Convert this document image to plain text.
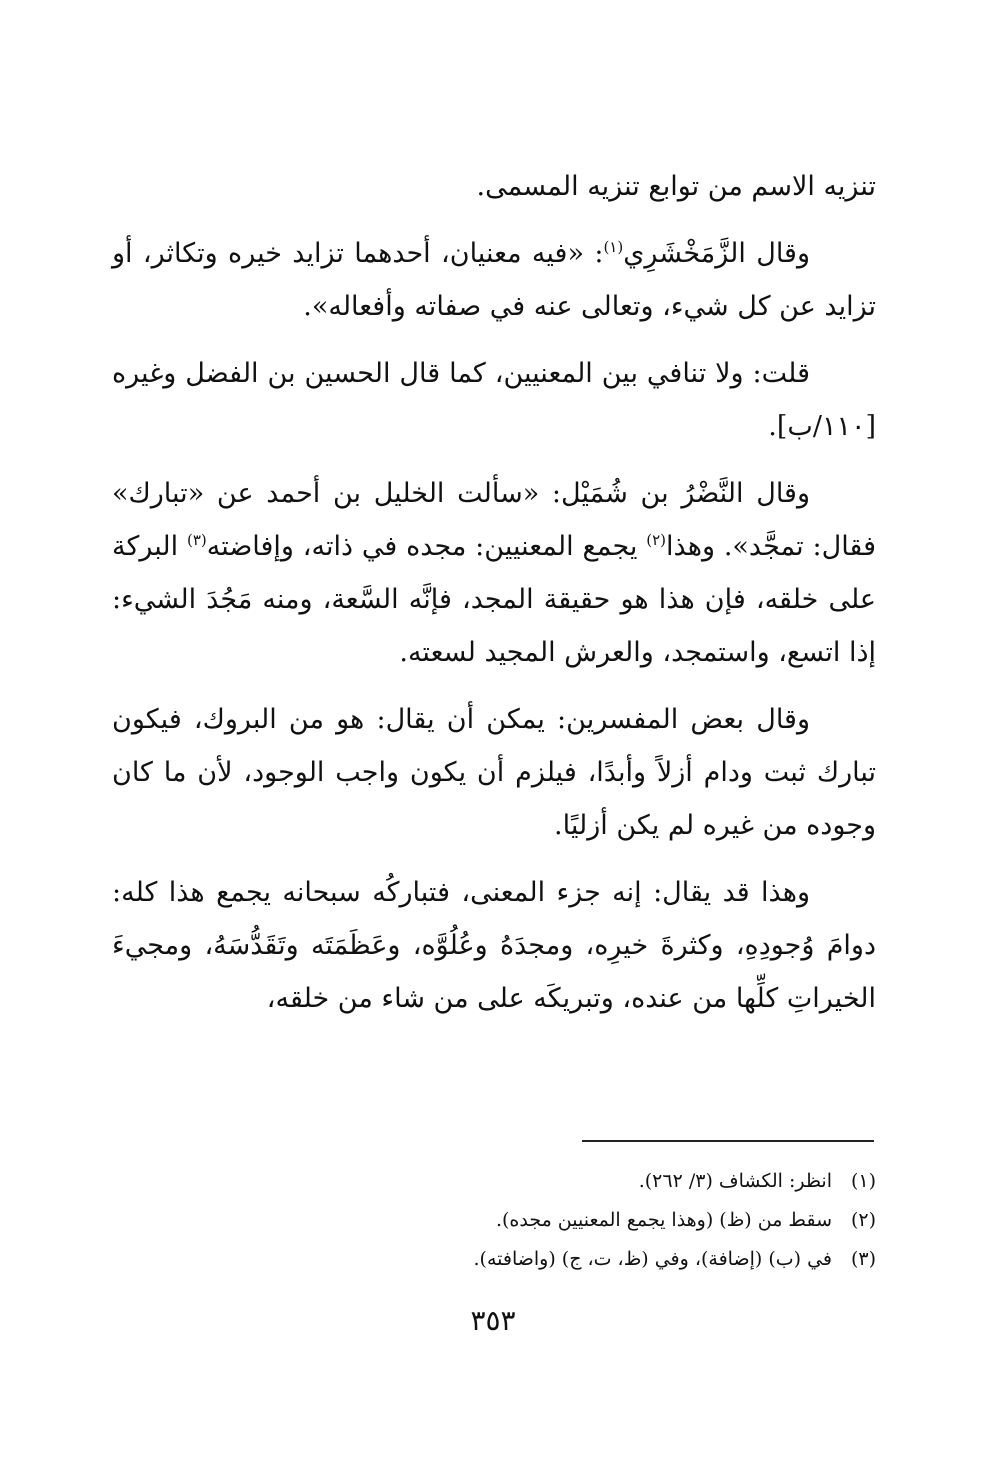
تنزيه الاسم من توابع تنزيه المسمى.

وقال الزَّمَخْشَرِي$^{(١)}$: «فيه معنيان، أحدهما تزايد خيره وتكاثر، أو تزايد عن كل شيء، وتعالى عنه في صفاته وأفعاله».

قلت: ولا تنافي بين المعنيين، كما قال الحسين بن الفضل وغيره [١١٠/ب].

وقال النَّضْرُ بن شُمَيْل: «سألت الخليل بن أحمد عن «تبارك» فقال: تمجَّد». وهذا$^{(٢)}$ يجمع المعنيين: مجده في ذاته، وإفاضته$^{(٣)}$ البركة على خلقه، فإن هذا هو حقيقة المجد، فإنَّه السَّعة، ومنه مَجُدَ الشيء: إذا اتسع، واستمجد، والعرش المجيد لسعته.

وقال بعض المفسرين: يمكن أن يقال: هو من البروك، فيكون تبارك ثبت ودام أزلاً وأبدًا، فيلزم أن يكون واجب الوجود، لأن ما كان وجوده من غيره لم يكن أزليًا.

وهذا قد يقال: إنه جزء المعنى، فتباركُه سبحانه يجمع هذا كله: دوامَ وُجودِهِ، وكثرةَ خيرِه، ومجدَهُ وعُلُوَّه، وعَظَمَتَه وتَقَدُّسَهُ، ومجيءَ الخيراتِ كلِّها من عنده، وتبريكَه على من شاء من خلقه،

(١)انظر: الكشاف (٣/ ٢٦٢).

(٢)سقط من (ظ) (وهذا يجمع المعنيين مجده).

(٣)في (ب) (إضافة)، وفي (ظ، ت، ج) (واضافته).

٣٥٣
